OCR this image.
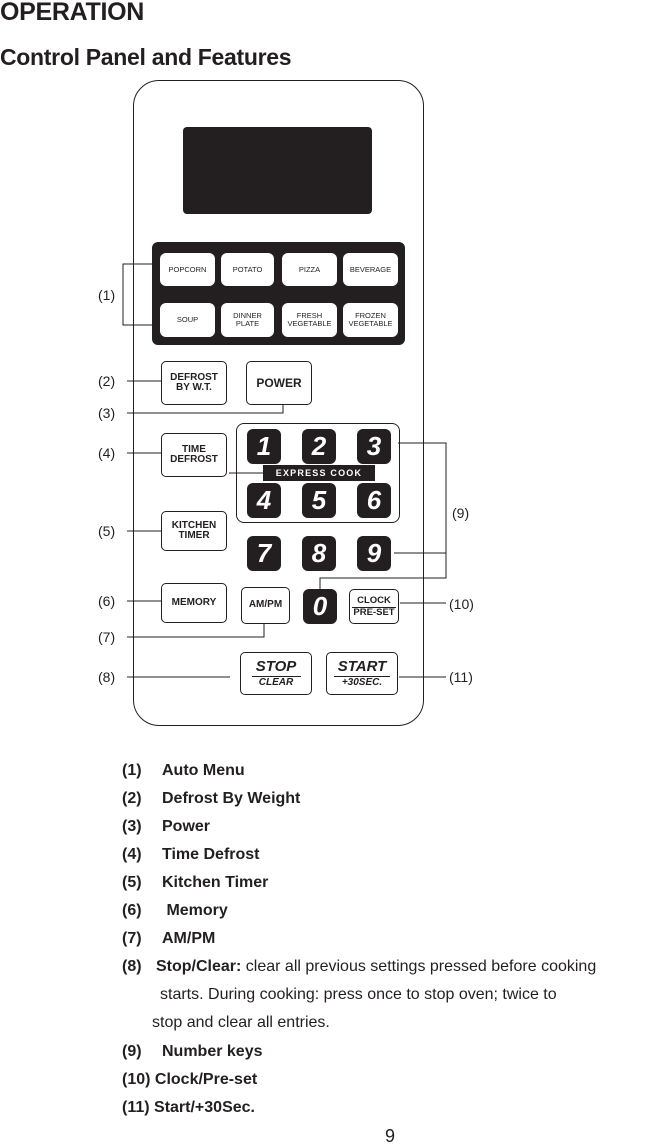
OPERATION
Control Panel and Features
POPCORN	POTATO	PIZZA	BEVERAGE
SOUP	DINNER
PLATE
FRESH
VEGETABLE
FROZEN
VEGETABLE
DEFROST
BY W.T.	POWER
TIME
DEFROST
KITCHEN
TIMER
MEMORY	AM/PM	CLOCK
PRE-SET
STOP
CLEAR
START
+30SEC.
1	2	3
EXPRESS COOK
4	5	6
7	8	9
0
(1)
(2)
(3)
(4)
(5)
(6)
(7)
(8)
(9)
(10)
(11)
(1) Auto Menu
(2) Defrost By Weight
(3) Power
(4) Time Defrost
(5) Kitchen Timer
(6) Memory
(7) AM/PM
(8) Stop/Clear: clear all previous settings pressed before cooking
starts. During cooking: press once to stop oven; twice to
stop and clear all entries.
(9) Number keys
(10) Clock/Pre-set
(11) Start/+30Sec.
9
